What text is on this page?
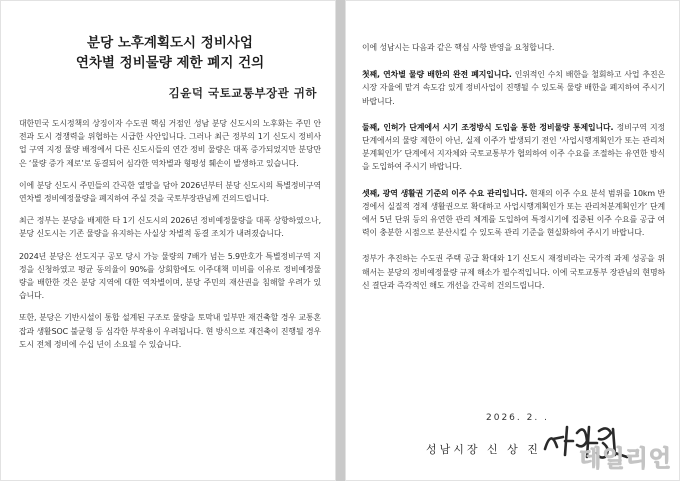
분당 노후계획도시 정비사업

연차별 정비물량 제한 폐지 건의

김윤덕 국토교통부장관 귀하

대한민국 도시정책의 상징이자 수도권 핵심 거점인 성남 분당 신도시의 노후화는 주민 안전과 도시 경쟁력을 위협하는 시급한 사안입니다. 그러나 최근 정부의 1기 신도시 정비사업 구역 지정 물량 배정에서 다른 신도시들의 연간 정비 물량은 대폭 증가되었지만 분당만은 ‘물량 증가 제로’로 동결되어 심각한 역차별과 형평성 훼손이 발생하고 있습니다.

이에 분당 신도시 주민들의 간곡한 열망을 담아 2026년부터 분당 신도시의 특별정비구역 연차별 정비예정물량을 폐지하여 주실 것을 국토부장관님께 건의드립니다.

최근 정부는 분당을 배제한 타 1기 신도시의 2026년 정비예정물량을 대폭 상향하였으나, 분당 신도시는 기존 물량을 유지하는 사실상 차별적 동결 조치가 내려졌습니다.

2024년 분당은 선도지구 공모 당시 가능 물량의 7배가 넘는 5.9만호가 특별정비구역 지정을 신청하였고 평균 동의율이 90%를 상회함에도 이주대책 미비를 이유로 정비예정물량을 배한한 것은 분당 지역에 대한 역차별이며, 분당 주민의 재산권을 침해할 우려가 있습니다.

또한, 분당은 기반시설이 통합 설계된 구조로 물량을 토막내 일부만 재건축할 경우 교통혼잡과 생활SOC 불균형 등 심각한 부작용이 우려됩니다. 현 방식으로 재건축이 진행될 경우 도시 전체 정비에 수십 년이 소요될 수 있습니다.

이에 성남시는 다음과 같은 핵심 사항 반영을 요청합니다.

첫째, 연차별 물량 배한의 완전 폐지입니다. 인위적인 수치 배한을 철회하고 사업 추진은 시장 자율에 맡겨 속도감 있게 정비사업이 진행될 수 있도록 물량 배한을 폐지하여 주시기 바랍니다.

둘째, 인허가 단계에서 시기 조정방식 도입을 통한 정비물량 통제입니다. 정비구역 지정 단계에서의 물량 제한이 아닌, 실제 이주가 발생되기 전인 ‘사업시행계획인가 또는 관리처분계획인가’ 단계에서 지자체와 국토교통부가 협의하여 이주 수요를 조절하는 유연한 방식을 도입하여 주시기 바랍니다.

셋째, 광역 생활권 기준의 이주 수요 관리입니다. 현재의 이주 수요 분석 범위를 10km 반경에서 실질적 경제 생활권으로 확대하고 사업시행계획인가 또는 관리처분계획인가’ 단계에서 5년 단위 등의 유연한 관리 체계를 도입하여 특정시기에 집중된 이주 수요를 공급 여력이 충분한 시점으로 분산시킬 수 있도록 관리 기준을 현실화하여 주시기 바랍니다.

정부가 추진하는 수도권 주택 공급 확대와 1기 신도시 재정비라는 국가적 과제 성공을 위해서는 분당의 정비예정물량 규제 해소가 필수적입니다. 이에 국토교통부 장관님의 현명하신 결단과 즉각적인 해도 개선을 간곡히 건의드립니다.

2026. 2. .
성남시장 신 상 진 데일리언
